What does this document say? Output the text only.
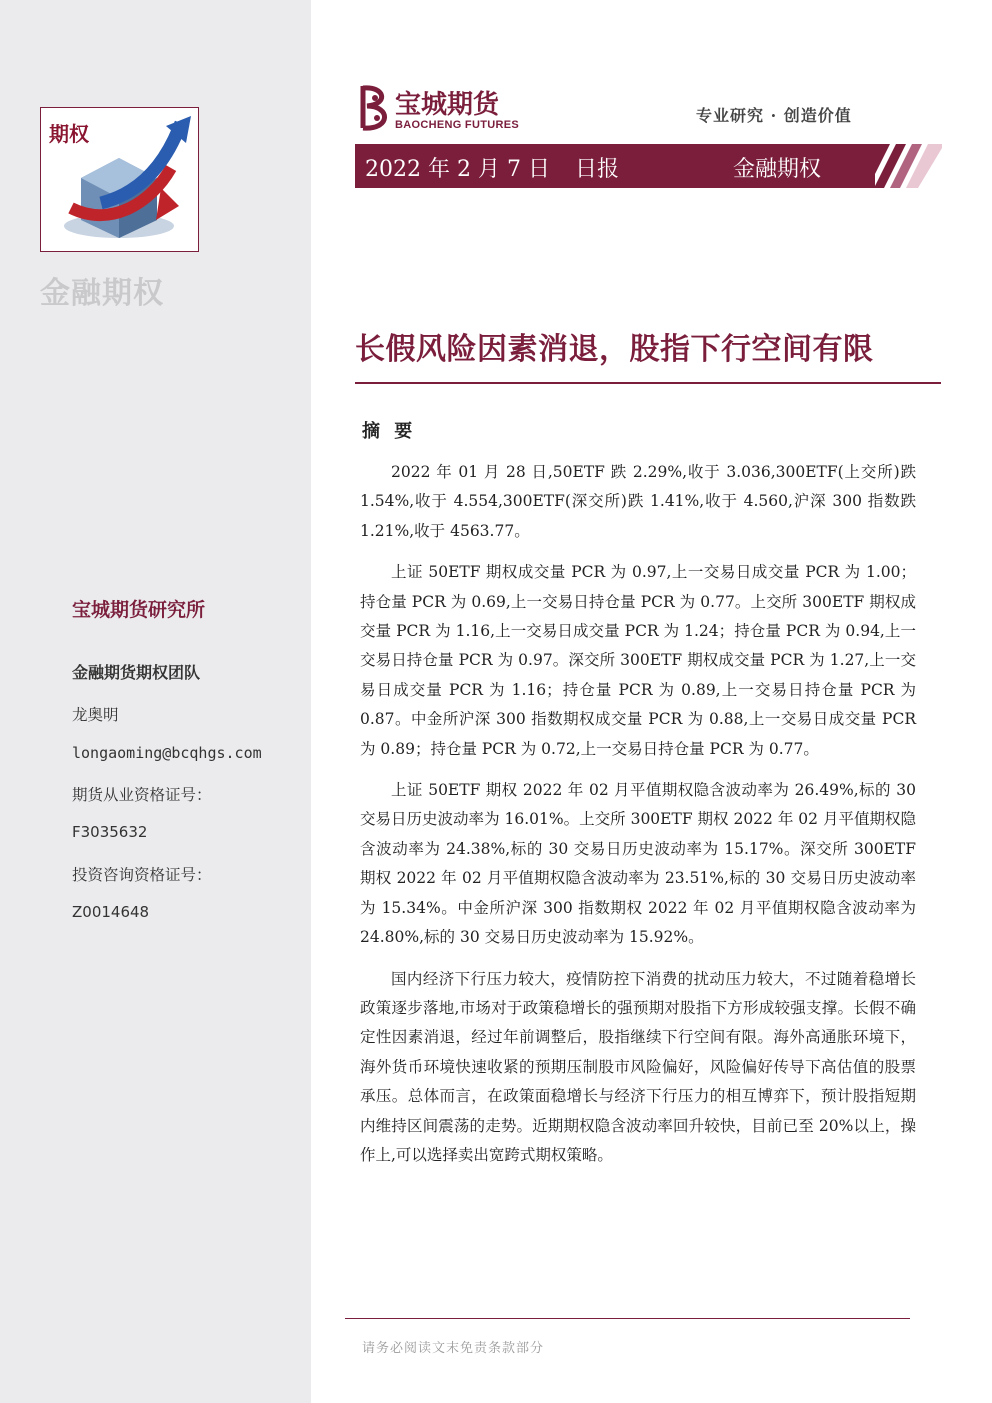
期权
金融期权
宝城期货研究所
金融期货期权团队
龙奥明
longaoming@bcqhgs.com
期货从业资格证号：
F3035632
投资咨询资格证号：
Z0014648
宝城期货
BAOCHENG FUTURES	专业研究 · 创造价值
2022 年 2 月 7 日 日报	金融期权
长假风险因素消退，股指下行空间有限
摘 要

2022 年 01 月 28 日,50ETF 跌 2.29%,收于 3.036,300ETF(上交所)跌 1.54%,收于 4.554,300ETF(深交所)跌 1.41%,收于 4.560,沪深 300 指数跌 1.21%,收于 4563.77。

上证 50ETF 期权成交量 PCR 为 0.97,上一交易日成交量 PCR 为 1.00；持仓量 PCR 为 0.69,上一交易日持仓量 PCR 为 0.77。上交所 300ETF 期权成交量 PCR 为 1.16,上一交易日成交量 PCR 为 1.24；持仓量 PCR 为 0.94,上一交易日持仓量 PCR 为 0.97。深交所 300ETF 期权成交量 PCR 为 1.27,上一交易日成交量 PCR 为 1.16；持仓量 PCR 为 0.89,上一交易日持仓量 PCR 为 0.87。中金所沪深 300 指数期权成交量 PCR 为 0.88,上一交易日成交量 PCR 为 0.89；持仓量 PCR 为 0.72,上一交易日持仓量 PCR 为 0.77。

上证 50ETF 期权 2022 年 02 月平值期权隐含波动率为 26.49%,标的 30 交易日历史波动率为 16.01%。上交所 300ETF 期权 2022 年 02 月平值期权隐含波动率为 24.38%,标的 30 交易日历史波动率为 15.17%。深交所 300ETF 期权 2022 年 02 月平值期权隐含波动率为 23.51%,标的 30 交易日历史波动率为 15.34%。中金所沪深 300 指数期权 2022 年 02 月平值期权隐含波动率为 24.80%,标的 30 交易日历史波动率为 15.92%。

国内经济下行压力较大，疫情防控下消费的扰动压力较大，不过随着稳增长政策逐步落地,市场对于政策稳增长的强预期对股指下方形成较强支撑。长假不确定性因素消退，经过年前调整后，股指继续下行空间有限。海外高通胀环境下，海外货币环境快速收紧的预期压制股市风险偏好，风险偏好传导下高估值的股票承压。总体而言，在政策面稳增长与经济下行压力的相互博弈下，预计股指短期内维持区间震荡的走势。近期期权隐含波动率回升较快，目前已至 20%以上，操作上,可以选择卖出宽跨式期权策略。

请务必阅读文末免责条款部分
